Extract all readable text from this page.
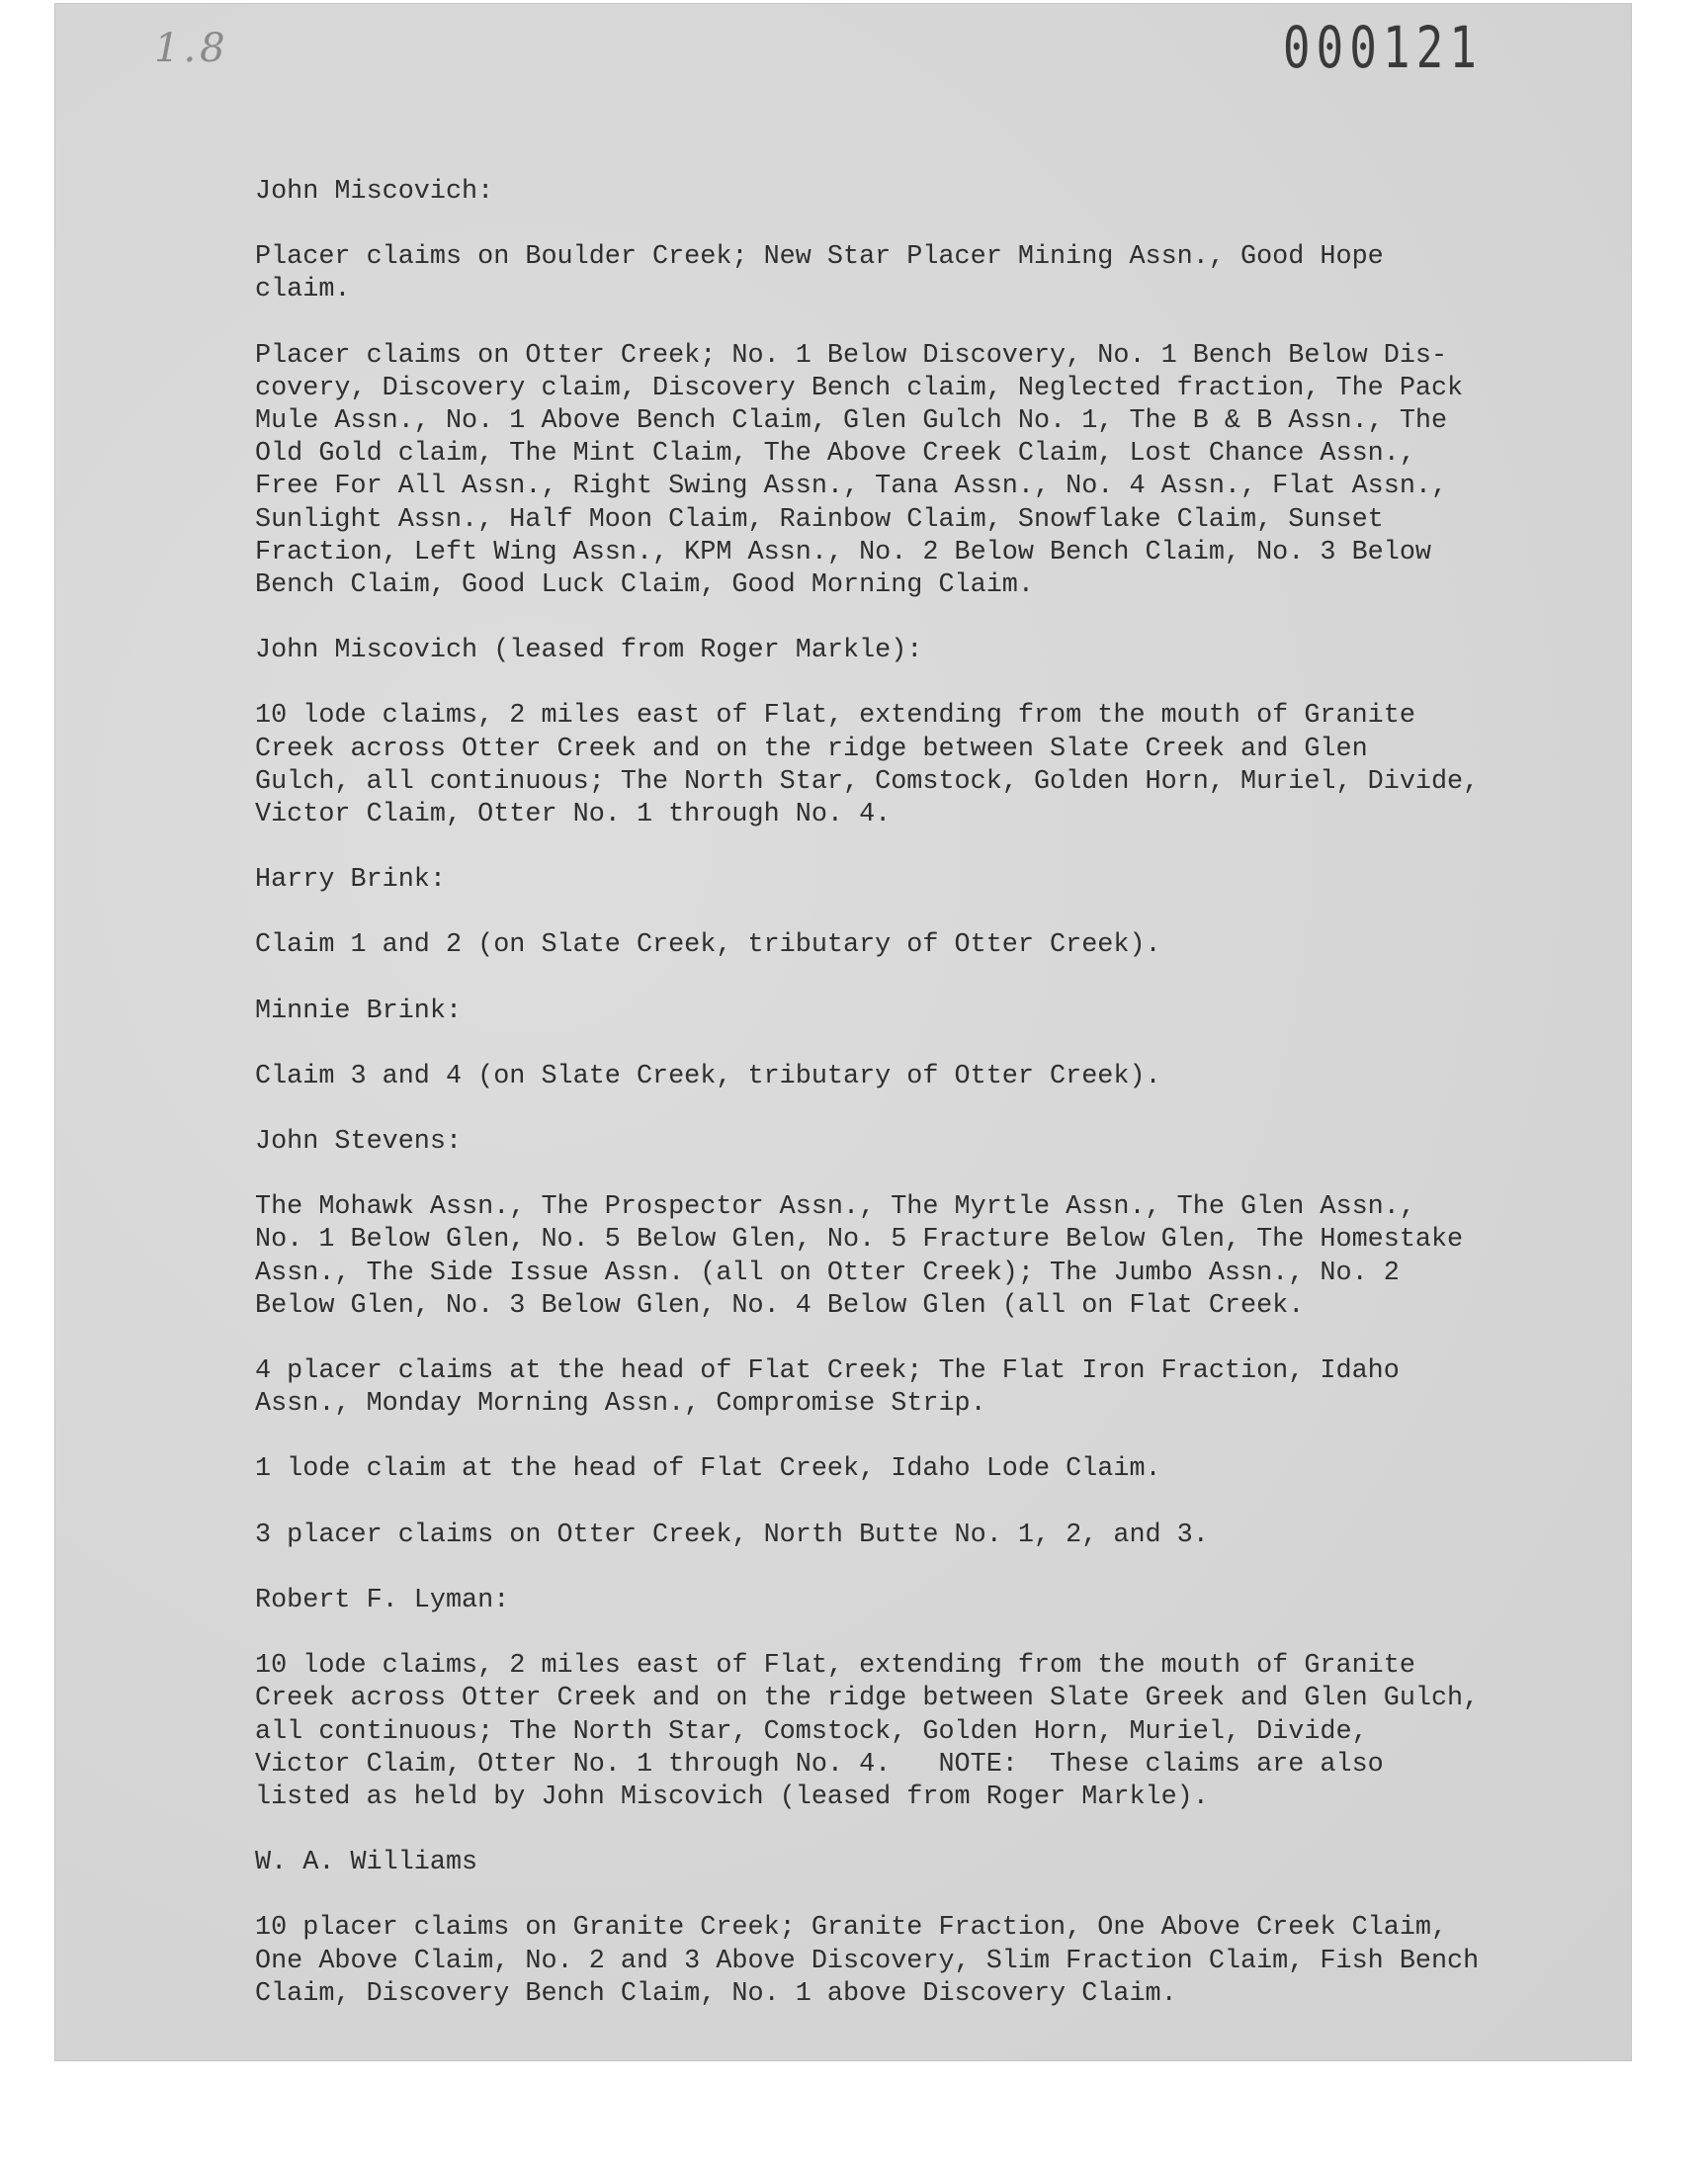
1.8	000121

John Miscovich:

Placer claims on Boulder Creek; New Star Placer Mining Assn., Good Hope
claim.

Placer claims on Otter Creek; No. 1 Below Discovery, No. 1 Bench Below Dis-
covery, Discovery claim, Discovery Bench claim, Neglected fraction, The Pack
Mule Assn., No. 1 Above Bench Claim, Glen Gulch No. 1, The B & B Assn., The
Old Gold claim, The Mint Claim, The Above Creek Claim, Lost Chance Assn.,
Free For All Assn., Right Swing Assn., Tana Assn., No. 4 Assn., Flat Assn.,
Sunlight Assn., Half Moon Claim, Rainbow Claim, Snowflake Claim, Sunset
Fraction, Left Wing Assn., KPM Assn., No. 2 Below Bench Claim, No. 3 Below
Bench Claim, Good Luck Claim, Good Morning Claim.

John Miscovich (leased from Roger Markle):

10 lode claims, 2 miles east of Flat, extending from the mouth of Granite
Creek across Otter Creek and on the ridge between Slate Creek and Glen
Gulch, all continuous; The North Star, Comstock, Golden Horn, Muriel, Divide,
Victor Claim, Otter No. 1 through No. 4.

Harry Brink:

Claim 1 and 2 (on Slate Creek, tributary of Otter Creek).

Minnie Brink:

Claim 3 and 4 (on Slate Creek, tributary of Otter Creek).

John Stevens:

The Mohawk Assn., The Prospector Assn., The Myrtle Assn., The Glen Assn.,
No. 1 Below Glen, No. 5 Below Glen, No. 5 Fracture Below Glen, The Homestake
Assn., The Side Issue Assn. (all on Otter Creek); The Jumbo Assn., No. 2
Below Glen, No. 3 Below Glen, No. 4 Below Glen (all on Flat Creek.

4 placer claims at the head of Flat Creek; The Flat Iron Fraction, Idaho
Assn., Monday Morning Assn., Compromise Strip.

1 lode claim at the head of Flat Creek, Idaho Lode Claim.

3 placer claims on Otter Creek, North Butte No. 1, 2, and 3.

Robert F. Lyman:

10 lode claims, 2 miles east of Flat, extending from the mouth of Granite
Creek across Otter Creek and on the ridge between Slate Greek and Glen Gulch,
all continuous; The North Star, Comstock, Golden Horn, Muriel, Divide,
Victor Claim, Otter No. 1 through No. 4.   NOTE:  These claims are also
listed as held by John Miscovich (leased from Roger Markle).

W. A. Williams

10 placer claims on Granite Creek; Granite Fraction, One Above Creek Claim,
One Above Claim, No. 2 and 3 Above Discovery, Slim Fraction Claim, Fish Bench
Claim, Discovery Bench Claim, No. 1 above Discovery Claim.
